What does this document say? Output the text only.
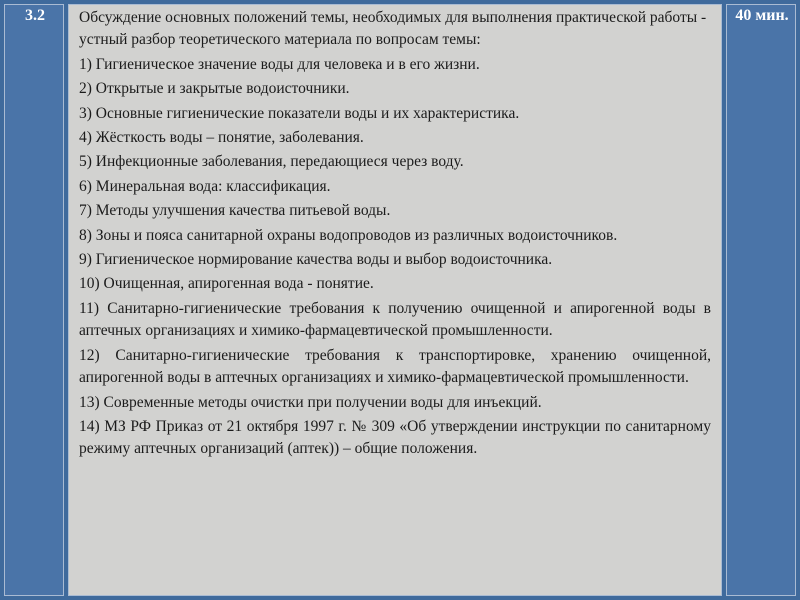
3.2	Обсуждение основных положений темы, необходимых для выполнения практической работы - устный разбор теоретического материала по вопросам темы:

1) Гигиеническое значение воды для человека и в его жизни.

2) Открытые и закрытые водоисточники.

3) Основные гигиенические показатели воды и их характеристика.

4) Жёсткость воды – понятие, заболевания.

5) Инфекционные заболевания, передающиеся через воду.

6) Минеральная вода: классификация.

7) Методы улучшения качества питьевой воды.

8) Зоны и пояса санитарной охраны водопроводов из различных водоисточников.

9) Гигиеническое нормирование качества воды и выбор водоисточника.

10) Очищенная, апирогенная вода - понятие.

11) Санитарно-гигиенические требования к получению очищенной и апирогенной воды в аптечных организациях и химико-фармацевтической промышленности.

12) Санитарно-гигиенические требования к транспортировке, хранению очищенной, апирогенной воды в аптечных организациях и химико-фармацевтической промышленности.

13) Современные методы очистки при получении воды для инъекций.

14) МЗ РФ Приказ от 21 октября 1997 г. № 309 «Об утверждении инструкции по санитарному режиму аптечных организаций (аптек)) – общие положения.

40 мин.
